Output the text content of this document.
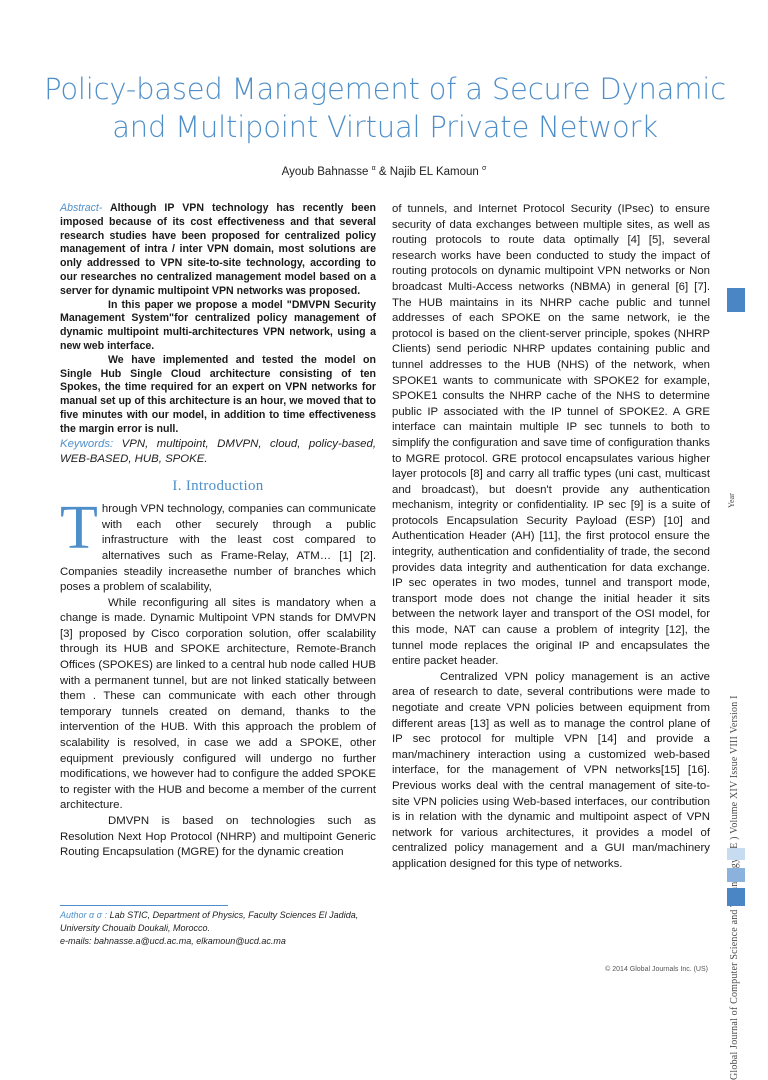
Policy-based Management of a Secure Dynamic
and Multipoint Virtual Private Network
Ayoub Bahnasse $^\alpha$ & Najib EL Kamoun $^\sigma$

Abstract- Although IP VPN technology has recently been imposed because of its cost effectiveness and that several research studies have been proposed for centralized policy management of intra / inter VPN domain, most solutions are only addressed to VPN site-to-site technology, according to our researches no centralized management model based on a server for dynamic multipoint VPN networks was proposed.

In this paper we propose a model "DMVPN Security Management System"for centralized policy management of dynamic multipoint multi-architectures VPN network, using a new web interface.

We have implemented and tested the model on Single Hub Single Cloud architecture consisting of ten Spokes, the time required for an expert on VPN networks for manual set up of this architecture is an hour, we moved that to five minutes with our model, in addition to time effectiveness the margin error is null.

Keywords: VPN, multipoint, DMVPN, cloud, policy-based, WEB-BASED, HUB, SPOKE.

I. Introduction

Through VPN technology, companies can communicate with each other securely through a public infrastructure with the least cost compared to alternatives such as Frame-Relay, ATM… [1] [2]. Companies steadily increasethe number of branches which poses a problem of scalability,

While reconfiguring all sites is mandatory when a change is made. Dynamic Multipoint VPN stands for DMVPN [3] proposed by Cisco corporation solution, offer scalability through its HUB and SPOKE architecture, Remote-Branch Offices (SPOKES) are linked to a central hub node called HUB with a permanent tunnel, but are not linked statically between them . These can communicate with each other through temporary tunnels created on demand, thanks to the intervention of the HUB. With this approach the problem of scalability is resolved, in case we add a SPOKE, other equipment previously configured will undergo no further modifications, we however had to configure the added SPOKE to register with the HUB and become a member of the current architecture.

DMVPN is based on technologies such as Resolution Next Hop Protocol (NHRP) and multipoint Generic Routing Encapsulation (MGRE) for the dynamic creation

of tunnels, and Internet Protocol Security (IPsec) to ensure security of data exchanges between multiple sites, as well as routing protocols to route data optimally [4] [5], several research works have been conducted to study the impact of routing protocols on dynamic multipoint VPN networks or Non broadcast Multi-Access networks (NBMA) in general [6] [7]. The HUB maintains in its NHRP cache public and tunnel addresses of each SPOKE on the same network, ie the protocol is based on the client-server principle, spokes (NHRP Clients) send periodic NHRP updates containing public and tunnel addresses to the HUB (NHS) of the network, when SPOKE1 wants to communicate with SPOKE2 for example, SPOKE1 consults the NHRP cache of the NHS to determine public IP associated with the IP tunnel of SPOKE2. A GRE interface can maintain multiple IP sec tunnels to both to simplify the configuration and save time of configuration thanks to MGRE protocol. GRE protocol encapsulates various higher layer protocols [8] and carry all traffic types (uni cast, multicast and broadcast), but doesn't provide any authentication mechanism, integrity or confidentiality. IP sec [9] is a suite of protocols Encapsulation Security Payload (ESP) [10] and Authentication Header (AH) [11], the first protocol ensure the integrity, authentication and confidentiality of trade, the second provides data integrity and authentication for data exchange. IP sec operates in two modes, tunnel and transport mode, transport mode does not change the initial header it sits between the network layer and transport of the OSI model, for this mode, NAT can cause a problem of integrity [12], the tunnel mode replaces the original IP and encapsulates the entire packet header.

Centralized VPN policy management is an active area of research to date, several contributions were made to negotiate and create VPN policies between equipment from different areas [13] as well as to manage the control plane of IP sec protocol for multiple VPN [14] and provide a man/machinery interaction using a customized web-based interface, for the management of VPN networks[15] [16]. Previous works deal with the central management of site-to-site VPN policies using Web-based interfaces, our contribution is in relation with the dynamic and multipoint aspect of VPN network for various architectures, it provides a model of centralized policy management and a GUI man/machinery application designed for this type of networks.

Author α σ : Lab STIC, Department of Physics, Faculty Sciences El Jadida, University Chouaib Doukali, Morocco.
e-mails: bahnasse.a@ucd.ac.ma, elkamoun@ucd.ac.ma
© 2014 Global Journals Inc. (US)
Year
